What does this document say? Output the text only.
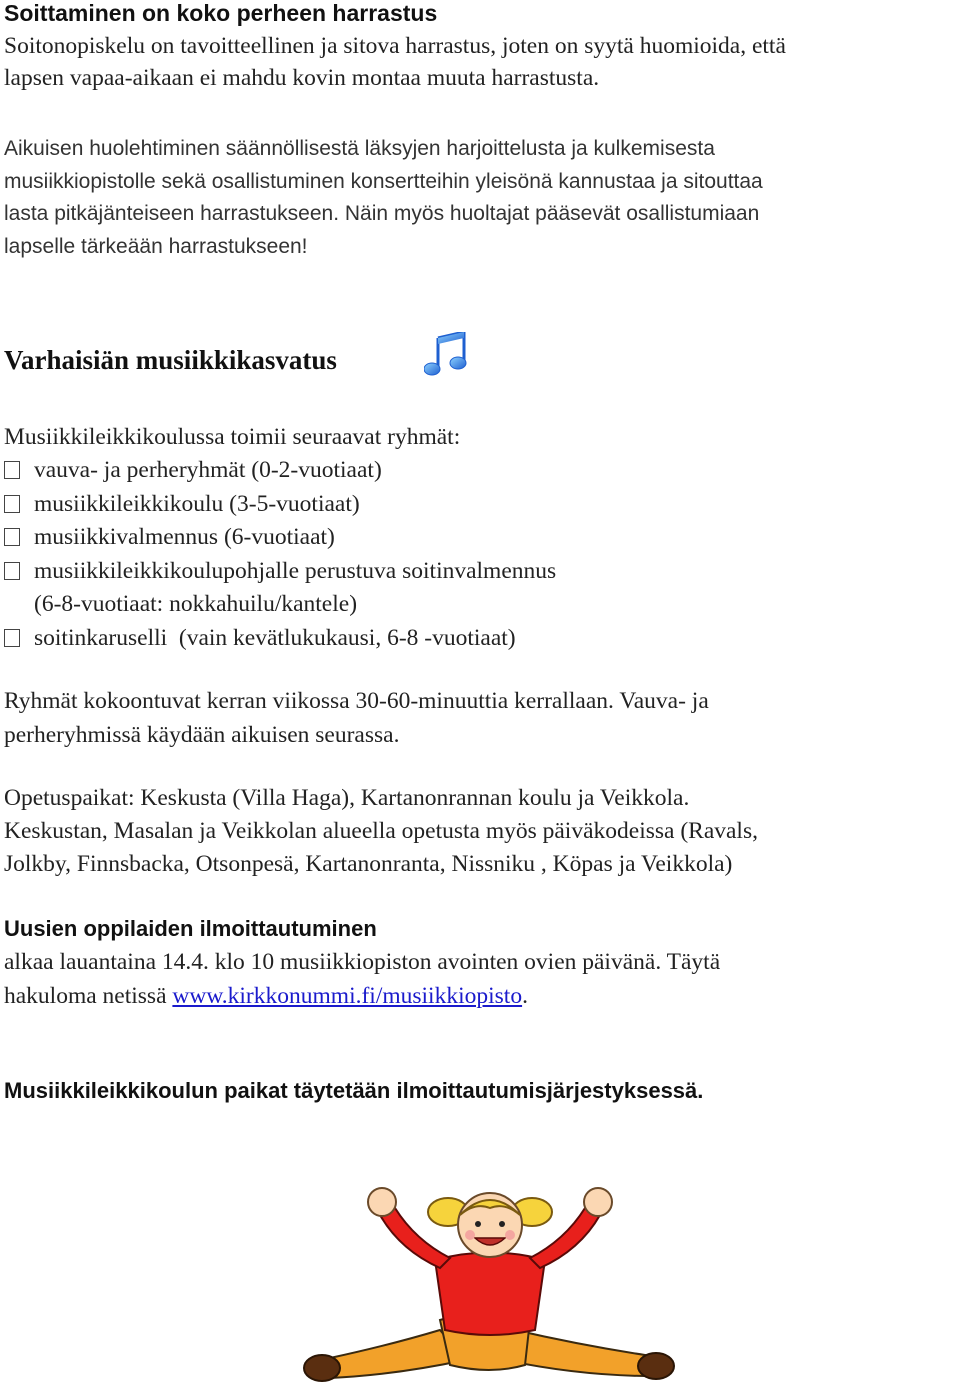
Soittaminen on koko perheen harrastus
Soitonopiskelu on tavoitteellinen ja sitova harrastus, joten on syytä huomioida, että
lapsen vapaa-aikaan ei mahdu kovin montaa muuta harrastusta.
Aikuisen huolehtiminen säännöllisestä läksyjen harjoittelusta ja kulkemisesta
musiikkiopistolle sekä osallistuminen konsertteihin yleisönä kannustaa ja sitouttaa
lasta pitkäjänteiseen harrastukseen. Näin myös huoltajat pääsevät osallistumiaan
lapselle tärkeään harrastukseen!
Varhaisiän musiikkikasvatus
Musiikkileikkikoulussa toimii seuraavat ryhmät:
vauva- ja perheryhmät (0-2-vuotiaat)
musiikkileikkikoulu (3-5-vuotiaat)
musiikkivalmennus (6-vuotiaat)
musiikkileikkikoulupohjalle perustuva soitinvalmennus
(6-8-vuotiaat: nokkahuilu/kantele)
soitinkaruselli  (vain kevätlukukausi, 6-8 -vuotiaat)
Ryhmät kokoontuvat kerran viikossa 30-60-minuuttia kerrallaan. Vauva- ja
perheryhmissä käydään aikuisen seurassa.
Opetuspaikat: Keskusta (Villa Haga), Kartanonrannan koulu ja Veikkola.
Keskustan, Masalan ja Veikkolan alueella opetusta myös päiväkodeissa (Ravals,
Jolkby, Finnsbacka, Otsonpesä, Kartanonranta, Nissniku , Köpas ja Veikkola)
Uusien oppilaiden ilmoittautuminen
alkaa lauantaina 14.4. klo 10 musiikkiopiston avointen ovien päivänä. Täytä
hakuloma netissä www.kirkkonummi.fi/musiikkiopisto.
Musiikkileikkikoulun paikat täytetään ilmoittautumisjärjestyksessä.
